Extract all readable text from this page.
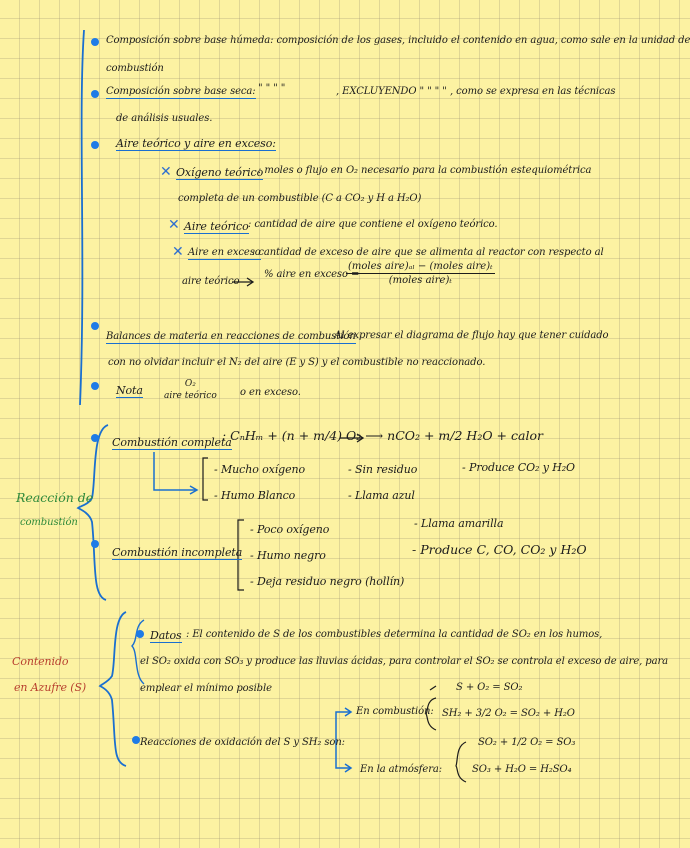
Composición sobre base húmeda: composición de los gases, incluido el contenido en agua, como sale en la unidad de
combustión
Composición sobre base seca: " " " "	, EXCLUYENDO " " " " , como se expresa en las técnicas
de análisis usuales.
Aire teórico y aire en exceso:
✕ Oxígeno teórico
: moles o flujo en O₂ necesario para la combustión estequiométrica
completa de un combustible (C a CO₂ y H a H₂O)
✕ Aire teórico : cantidad de aire que contiene el oxígeno teórico.
✕ Aire en exceso
: cantidad de exceso de aire que se alimenta al reactor con respecto al
aire teórico
% aire en exceso =
(moles aire)ₐₗ − (moles aire)ₜ
(moles aire)ₜ
Balances de materia en reacciones de combustión
: Al expresar el diagrama de flujo hay que tener cuidado
con no olvidar incluir el N₂ del aire (E y S) y el combustible no reaccionado.
Nota	O₂
aire teórico o en exceso.
Reacción de
combustión
Combustión completa
: CₙHₘ + (n + m/4) O₂ ⟶ nCO₂ + m/2 H₂O + calor
- Mucho oxígeno
- Humo Blanco
- Sin residuo
- Llama azul
- Produce CO₂ y H₂O
Combustión incompleta
- Poco oxígeno
- Humo negro
- Deja residuo negro (hollín)
- Llama amarilla
- Produce C, CO, CO₂ y H₂O
Contenido
en Azufre (S)
Datos : El contenido de S de los combustibles determina la cantidad de SO₂ en los humos,
el SO₂ oxida con SO₃ y produce las lluvias ácidas, para controlar el SO₂ se controla el exceso de aire, para
emplear el mínimo posible
Reacciones de oxidación del S y SH₂ son:
En combustión:
S + O₂ = SO₂
SH₂ + 3/2 O₂ = SO₂ + H₂O
En la atmósfera:
SO₂ + 1/2 O₂ = SO₃
SO₃ + H₂O = H₂SO₄
